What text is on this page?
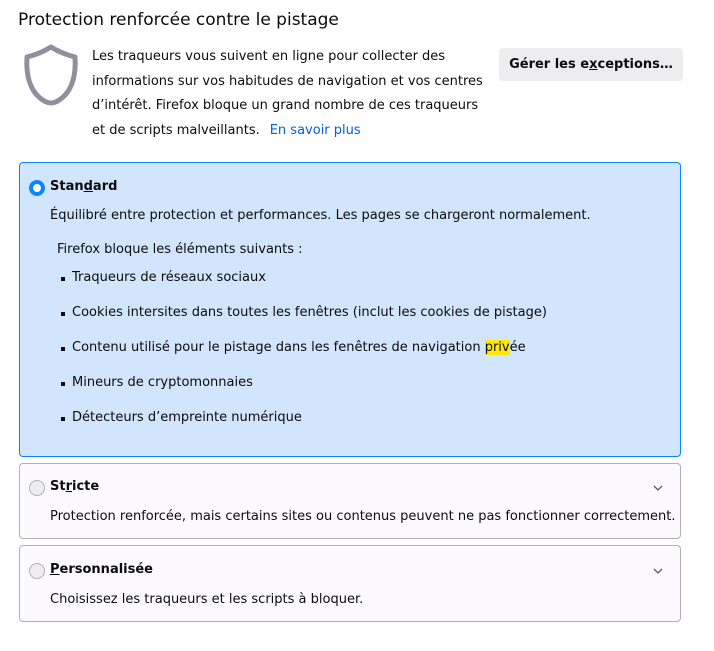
Protection renforcée contre le pistage
Les traqueurs vous suivent en ligne pour collecter des informations sur vos habitudes de navigation et vos centres d’intérêt. Firefox bloque un grand nombre de ces traqueurs et de scripts malveillants. En savoir plus
Gérer les exceptions…
Standard
Équilibré entre protection et performances. Les pages se chargeront normalement.
Firefox bloque les éléments suivants :
Traqueurs de réseaux sociaux
Cookies intersites dans toutes les fenêtres (inclut les cookies de pistage)
Contenu utilisé pour le pistage dans les fenêtres de navigation privée
Mineurs de cryptomonnaies
Détecteurs d’empreinte numérique
Stricte
Protection renforcée, mais certains sites ou contenus peuvent ne pas fonctionner correctement.
Personnalisée
Choisissez les traqueurs et les scripts à bloquer.
